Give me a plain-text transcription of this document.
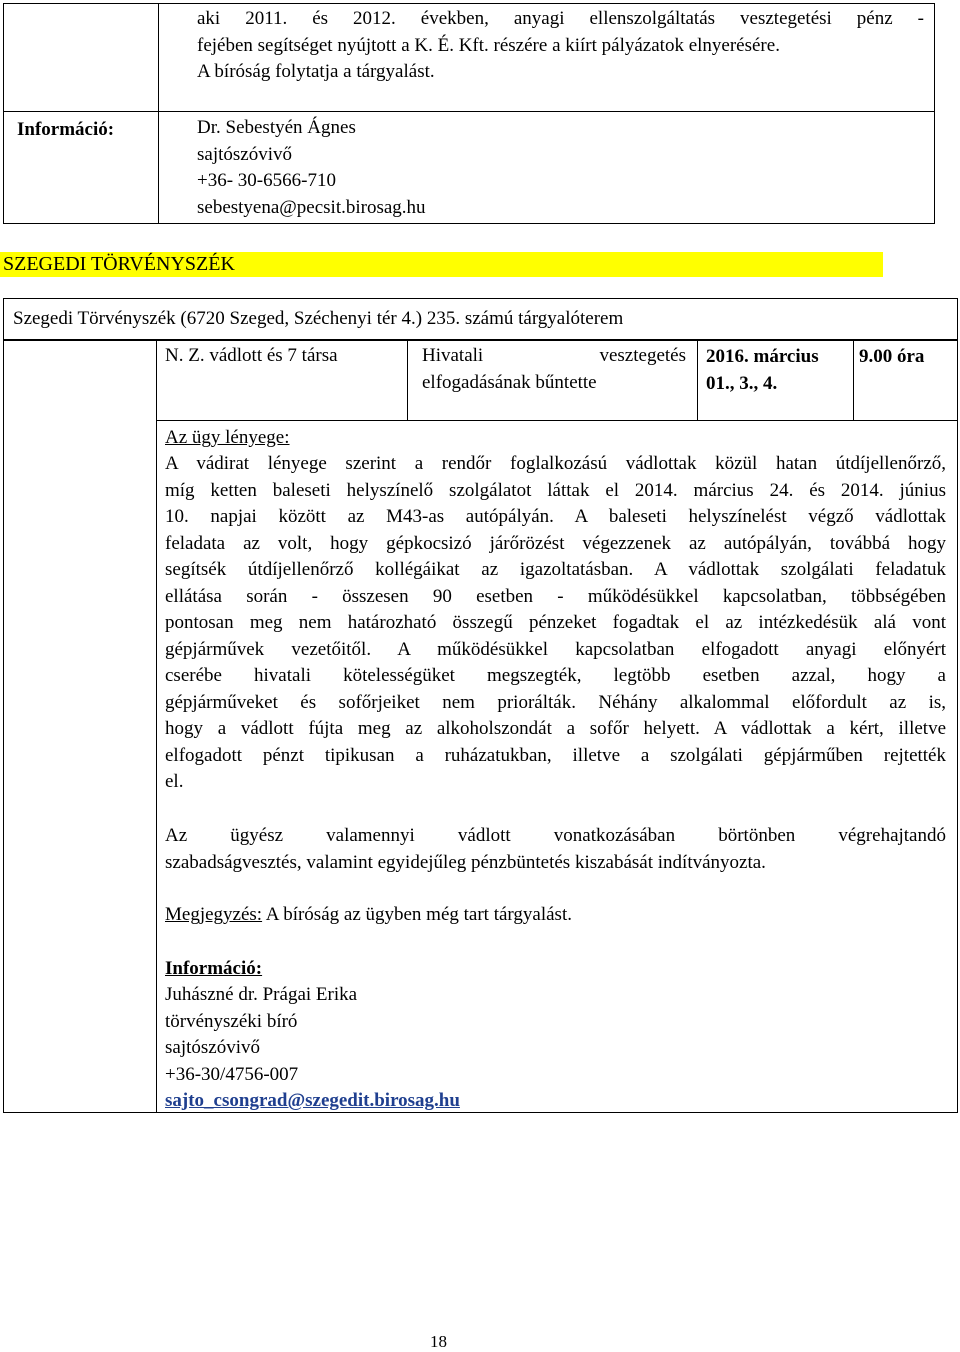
aki 2011. és 2012. években, anyagi ellenszolgáltatás vesztegetési pénz -
fejében segítséget nyújtott a K. É. Kft. részére a kiírt pályázatok elnyerésére.
A bíróság folytatja a tárgyalást.
Információ:	Dr. Sebestyén Ágnes
sajtószóvivő
+36- 30-6566-710
sebestyena@pecsit.birosag.hu
SZEGEDI TÖRVÉNYSZÉK
Szegedi Törvényszék (6720 Szeged, Széchenyi tér 4.) 235. számú tárgyalóterem
N. Z. vádlott és 7 társa	Hivatali vesztegetés
elfogadásának bűntette
2016. március
01., 3., 4.
9.00 óra
Az ügy lényege:
A vádirat lényege szerint a rendőr foglalkozású vádlottak közül hatan útdíjellenőrző,
míg ketten baleseti helyszínelő szolgálatot láttak el 2014. március 24. és 2014. június
10. napjai között az M43-as autópályán. A baleseti helyszínelést végző vádlottak
feladata az volt, hogy gépkocsizó járőrözést végezzenek az autópályán, továbbá hogy
segítsék útdíjellenőrző kollégáikat az igazoltatásban. A vádlottak szolgálati feladatuk
ellátása során - összesen 90 esetben - működésükkel kapcsolatban, többségében
pontosan meg nem határozható összegű pénzeket fogadtak el az intézkedésük alá vont
gépjárművek vezetőitől. A működésükkel kapcsolatban elfogadott anyagi előnyért
cserébe hivatali kötelességüket megszegték, legtöbb esetben azzal, hogy a
gépjárműveket és sofőrjeiket nem priorálták. Néhány alkalommal előfordult az is,
hogy a vádlott fújta meg az alkoholszondát a sofőr helyett. A vádlottak a kért, illetve
elfogadott pénzt tipikusan a ruházatukban, illetve a szolgálati gépjárműben rejtették
el.
Az ügyész valamennyi vádlott vonatkozásában börtönben végrehajtandó
szabadságvesztés, valamint egyidejűleg pénzbüntetés kiszabását indítványozta.
Megjegyzés: A bíróság az ügyben még tart tárgyalást.
Információ:
Juhászné dr. Prágai Erika
törvényszéki bíró
sajtószóvivő
+36-30/4756-007
sajto_csongrad@szegedit.birosag.hu
18
